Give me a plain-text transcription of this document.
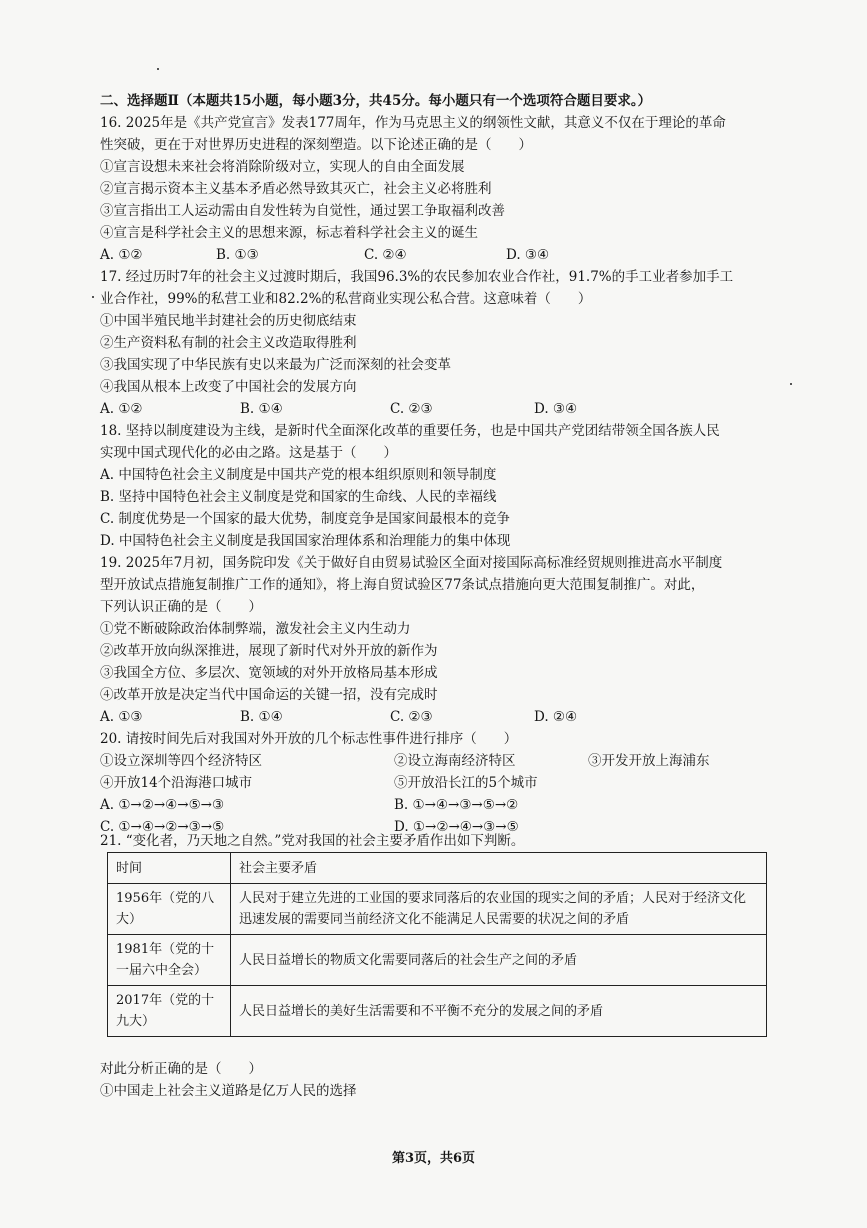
二、选择题Ⅱ（本题共15小题，每小题3分，共45分。每小题只有一个选项符合题目要求。）
16. 2025年是《共产党宣言》发表177周年，作为马克思主义的纲领性文献，其意义不仅在于理论的革命
性突破，更在于对世界历史进程的深刻塑造。以下论述正确的是（　　）
①宣言设想未来社会将消除阶级对立，实现人的自由全面发展
②宣言揭示资本主义基本矛盾必然导致其灭亡，社会主义必将胜利
③宣言指出工人运动需由自发性转为自觉性，通过罢工争取福利改善
④宣言是科学社会主义的思想来源，标志着科学社会主义的诞生
A. ①②	B. ①③	C. ②④	D. ③④
17. 经过历时7年的社会主义过渡时期后，我国96.3%的农民参加农业合作社，91.7%的手工业者参加手工
业合作社，99%的私营工业和82.2%的私营商业实现公私合营。这意味着（　　）
①中国半殖民地半封建社会的历史彻底结束
②生产资料私有制的社会主义改造取得胜利
③我国实现了中华民族有史以来最为广泛而深刻的社会变革
④我国从根本上改变了中国社会的发展方向
A. ①②	B. ①④	C. ②③	D. ③④
18. 坚持以制度建设为主线，是新时代全面深化改革的重要任务，也是中国共产党团结带领全国各族人民
实现中国式现代化的必由之路。这是基于（　　）
A. 中国特色社会主义制度是中国共产党的根本组织原则和领导制度
B. 坚持中国特色社会主义制度是党和国家的生命线、人民的幸福线
C. 制度优势是一个国家的最大优势，制度竞争是国家间最根本的竞争
D. 中国特色社会主义制度是我国国家治理体系和治理能力的集中体现
19. 2025年7月初，国务院印发《关于做好自由贸易试验区全面对接国际高标准经贸规则推进高水平制度
型开放试点措施复制推广工作的通知》，将上海自贸试验区77条试点措施向更大范围复制推广。对此，
下列认识正确的是（　　）
①党不断破除政治体制弊端，激发社会主义内生动力
②改革开放向纵深推进，展现了新时代对外开放的新作为
③我国全方位、多层次、宽领域的对外开放格局基本形成
④改革开放是决定当代中国命运的关键一招，没有完成时
A. ①③	B. ①④	C. ②③	D. ②④
20. 请按时间先后对我国对外开放的几个标志性事件进行排序（　　）
①设立深圳等四个经济特区	②设立海南经济特区	③开发开放上海浦东
④开放14个沿海港口城市	⑤开放沿长江的5个城市
A. ①→②→④→⑤→③	B. ①→④→③→⑤→②
C. ①→④→②→③→⑤	D. ①→②→④→③→⑤
21. “变化者，乃天地之自然。”党对我国的社会主要矛盾作出如下判断。
时间	社会主要矛盾
1956年（党的八大）	人民对于建立先进的工业国的要求同落后的农业国的现实之间的矛盾；人民对于经济文化迅速发展的需要同当前经济文化不能满足人民需要的状况之间的矛盾
1981年（党的十一届六中全会）	人民日益增长的物质文化需要同落后的社会生产之间的矛盾
2017年（党的十九大）	人民日益增长的美好生活需要和不平衡不充分的发展之间的矛盾
对此分析正确的是（　　）
①中国走上社会主义道路是亿万人民的选择
第3页，共6页
